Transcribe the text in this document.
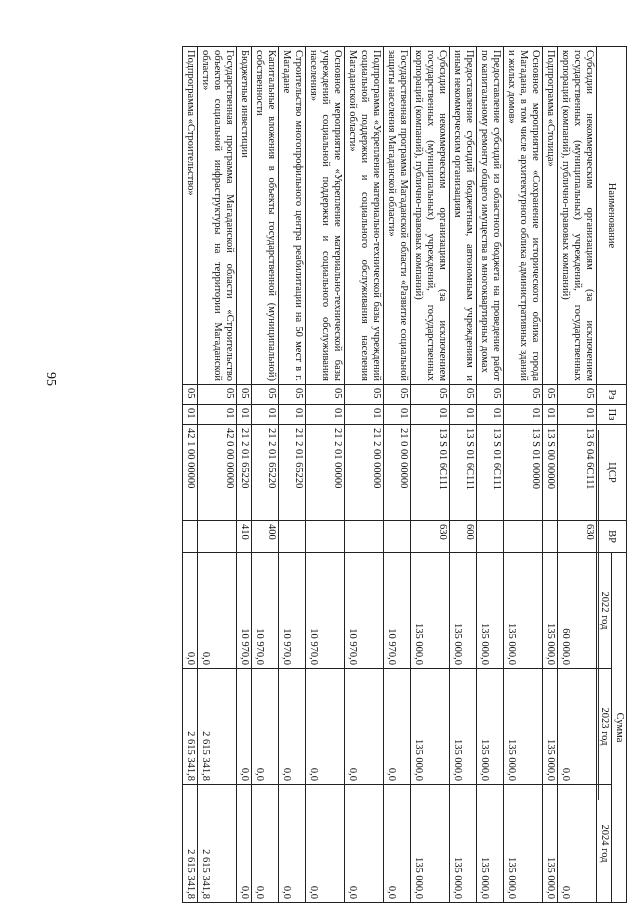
95
Наименование	Рз	Пз	ЦСР	ВР	Сумма		
					2022 год	2023 год	2024 год
Субсидии некоммерческим организациям (за исключением государственных (муниципальных) учреждений, государственных корпораций (компаний), публично-правовых компаний)	05	01	13 6 04 6C111	630	60 000,0	0,0	0,0
Подпрограмма «Столица»	05	01	13 S 00 00000		135 000,0	135 000,0	135 000,0
Основное мероприятие «Сохранение исторического облика города Магадана, в том числе архитектурного облика административных зданий и жилых домов»	05	01	13 S 01 00000		135 000,0	135 000,0	135 000,0
Предоставление субсидий из областного бюджета на проведение работ по капитальному ремонту общего имущества в многоквартирных домах	05	01	13 S 01 6C111		135 000,0	135 000,0	135 000,0
Предоставление субсидий бюджетным, автономным учреждениям и иным некоммерческим организациям	05	01	13 S 01 6C111	600	135 000,0	135 000,0	135 000,0
Субсидии некоммерческим организациям (за исключением государственных (муниципальных) учреждений, государственных корпораций (компаний), публично-правовых компаний)	05	01	13 S 01 6C111	630	135 000,0	135 000,0	135 000,0
Государственная программа Магаданской области «Развитие социальной защиты населения Магаданской области»	05	01	21 0 00 00000		10 970,0	0,0	0,0
Подпрограмма «Укрепление материально-технической базы учреждений социальной поддержки и социального обслуживания населения Магаданской области»	05	01	21 2 00 00000		10 970,0	0,0	0,0
Основное мероприятие «Укрепление материально-технической базы учреждений социальной поддержки и социального обслуживания населения»	05	01	21 2 01 00000		10 970,0	0,0	0,0
Строительство многопрофильного центра реабилитации на 50 мест в г. Магадане	05	01	21 2 01 65220		10 970,0	0,0	0,0
Капитальные вложения в объекты государственной (муниципальной) собственности	05	01	21 2 01 65220	400	10 970,0	0,0	0,0
Бюджетные инвестиции	05	01	21 2 01 65220	410	10 970,0	0,0	0,0
Государственная программа Магаданской области «Строительство объектов социальной инфраструктуры на территории Магаданской области»	05	01	42 0 00 00000		0,0	2 615 341,8	2 615 341,8
Подпрограмма «Строительство»	05	01	42 1 00 00000		0,0	2 615 341,8	2 615 341,8
